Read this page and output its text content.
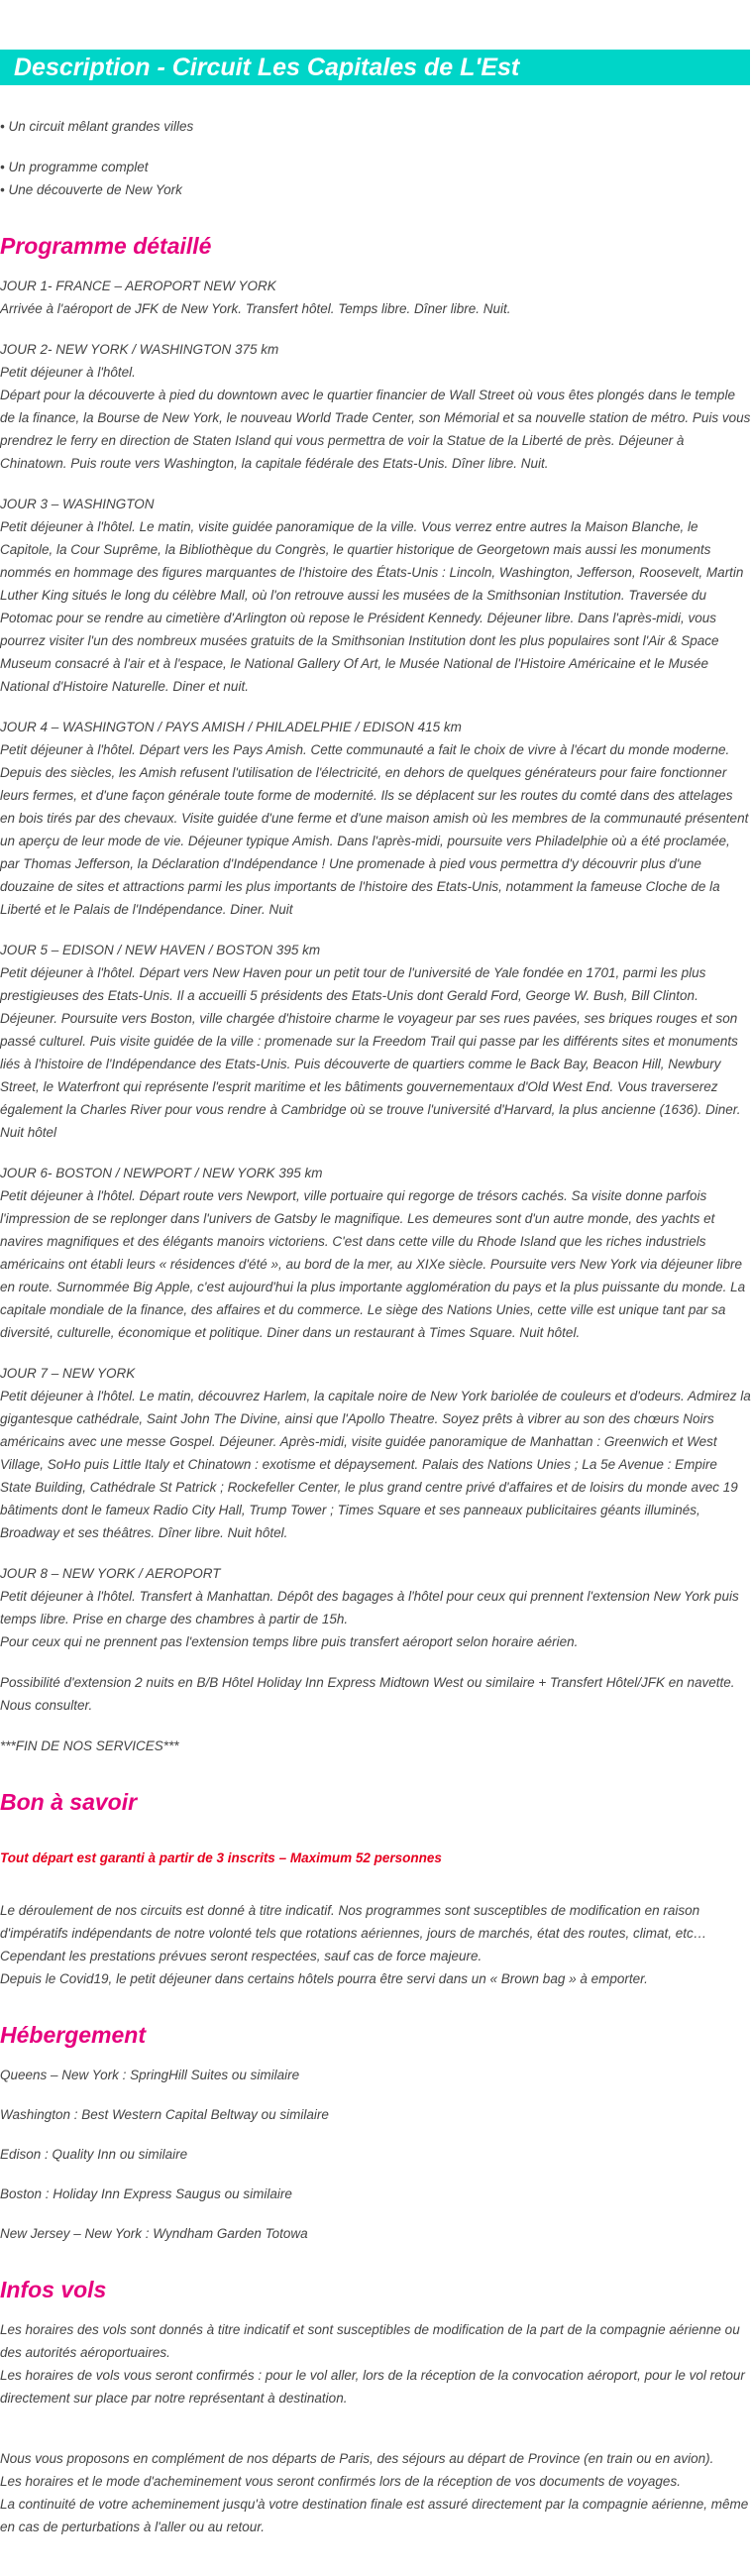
Description - Circuit Les Capitales de L'Est
• Un circuit mêlant grandes villes
• Un programme complet
• Une découverte de New York
Programme détaillé

JOUR 1- FRANCE – AEROPORT NEW YORK

Arrivée à l'aéroport de JFK de New York. Transfert hôtel. Temps libre. Dîner libre. Nuit.

JOUR 2- NEW YORK / WASHINGTON 375 km

Petit déjeuner à l'hôtel.

Départ pour la découverte à pied du downtown avec le quartier financier de Wall Street où vous êtes plongés dans le temple de la finance, la Bourse de New York, le nouveau World Trade Center, son Mémorial et sa nouvelle station de métro. Puis vous prendrez le ferry en direction de Staten Island qui vous permettra de voir la Statue de la Liberté de près. Déjeuner à Chinatown. Puis route vers Washington, la capitale fédérale des Etats-Unis. Dîner libre. Nuit.

JOUR 3 – WASHINGTON

Petit déjeuner à l'hôtel. Le matin, visite guidée panoramique de la ville. Vous verrez entre autres la Maison Blanche, le Capitole, la Cour Suprême, la Bibliothèque du Congrès, le quartier historique de Georgetown mais aussi les monuments nommés en hommage des figures marquantes de l'histoire des États-Unis : Lincoln, Washington, Jefferson, Roosevelt, Martin Luther King situés le long du célèbre Mall, où l'on retrouve aussi les musées de la Smithsonian Institution. Traversée du Potomac pour se rendre au cimetière d'Arlington où repose le Président Kennedy. Déjeuner libre. Dans l'après-midi, vous pourrez visiter l'un des nombreux musées gratuits de la Smithsonian Institution dont les plus populaires sont l'Air & Space Museum consacré à l'air et à l'espace, le National Gallery Of Art, le Musée National de l'Histoire Américaine et le Musée National d'Histoire Naturelle. Diner et nuit.

JOUR 4 – WASHINGTON / PAYS AMISH / PHILADELPHIE / EDISON 415 km

Petit déjeuner à l'hôtel. Départ vers les Pays Amish. Cette communauté a fait le choix de vivre à l'écart du monde moderne. Depuis des siècles, les Amish refusent l'utilisation de l'électricité, en dehors de quelques générateurs pour faire fonctionner leurs fermes, et d'une façon générale toute forme de modernité. Ils se déplacent sur les routes du comté dans des attelages en bois tirés par des chevaux. Visite guidée d'une ferme et d'une maison amish où les membres de la communauté présentent un aperçu de leur mode de vie. Déjeuner typique Amish. Dans l'après-midi, poursuite vers Philadelphie où a été proclamée, par Thomas Jefferson, la Déclaration d'Indépendance ! Une promenade à pied vous permettra d'y découvrir plus d'une douzaine de sites et attractions parmi les plus importants de l'histoire des Etats-Unis, notamment la fameuse Cloche de la Liberté et le Palais de l'Indépendance. Diner. Nuit

JOUR 5 – EDISON / NEW HAVEN / BOSTON 395 km

Petit déjeuner à l'hôtel. Départ vers New Haven pour un petit tour de l'université de Yale fondée en 1701, parmi les plus prestigieuses des Etats-Unis. Il a accueilli 5 présidents des Etats-Unis dont Gerald Ford, George W. Bush, Bill Clinton. Déjeuner. Poursuite vers Boston, ville chargée d'histoire charme le voyageur par ses rues pavées, ses briques rouges et son passé culturel. Puis visite guidée de la ville : promenade sur la Freedom Trail qui passe par les différents sites et monuments liés à l'histoire de l'Indépendance des Etats-Unis. Puis découverte de quartiers comme le Back Bay, Beacon Hill, Newbury Street, le Waterfront qui représente l'esprit maritime et les bâtiments gouvernementaux d'Old West End. Vous traverserez également la Charles River pour vous rendre à Cambridge où se trouve l'université d'Harvard, la plus ancienne (1636). Diner. Nuit hôtel

JOUR 6- BOSTON / NEWPORT / NEW YORK 395 km

Petit déjeuner à l'hôtel. Départ route vers Newport, ville portuaire qui regorge de trésors cachés. Sa visite donne parfois l'impression de se replonger dans l'univers de Gatsby le magnifique. Les demeures sont d'un autre monde, des yachts et navires magnifiques et des élégants manoirs victoriens. C'est dans cette ville du Rhode Island que les riches industriels américains ont établi leurs « résidences d'été », au bord de la mer, au XIXe siècle. Poursuite vers New York via déjeuner libre en route. Surnommée Big Apple, c'est aujourd'hui la plus importante agglomération du pays et la plus puissante du monde. La capitale mondiale de la finance, des affaires et du commerce. Le siège des Nations Unies, cette ville est unique tant par sa diversité, culturelle, économique et politique. Diner dans un restaurant à Times Square. Nuit hôtel.

JOUR 7 – NEW YORK

Petit déjeuner à l'hôtel. Le matin, découvrez Harlem, la capitale noire de New York bariolée de couleurs et d'odeurs. Admirez la gigantesque cathédrale, Saint John The Divine, ainsi que l'Apollo Theatre. Soyez prêts à vibrer au son des chœurs Noirs américains avec une messe Gospel. Déjeuner. Après-midi, visite guidée panoramique de Manhattan : Greenwich et West Village, SoHo puis Little Italy et Chinatown : exotisme et dépaysement. Palais des Nations Unies ; La 5e Avenue : Empire State Building, Cathédrale St Patrick ; Rockefeller Center, le plus grand centre privé d'affaires et de loisirs du monde avec 19 bâtiments dont le fameux Radio City Hall, Trump Tower ; Times Square et ses panneaux publicitaires géants illuminés, Broadway et ses théâtres. Dîner libre. Nuit hôtel.

JOUR 8 – NEW YORK / AEROPORT

Petit déjeuner à l'hôtel. Transfert à Manhattan. Dépôt des bagages à l'hôtel pour ceux qui prennent l'extension New York puis temps libre. Prise en charge des chambres à partir de 15h.

Pour ceux qui ne prennent pas l'extension temps libre puis transfert aéroport selon horaire aérien.

Possibilité d'extension 2 nuits en B/B Hôtel Holiday Inn Express Midtown West ou similaire + Transfert Hôtel/JFK en navette. Nous consulter.

***FIN DE NOS SERVICES***

Bon à savoir

Tout départ est garanti à partir de 3 inscrits – Maximum 52 personnes

Le déroulement de nos circuits est donné à titre indicatif. Nos programmes sont susceptibles de modification en raison d'impératifs indépendants de notre volonté tels que rotations aériennes, jours de marchés, état des routes, climat, etc… Cependant les prestations prévues seront respectées, sauf cas de force majeure.

Depuis le Covid19, le petit déjeuner dans certains hôtels pourra être servi dans un « Brown bag » à emporter.

Hébergement

Queens – New York : SpringHill Suites ou similaire

Washington : Best Western Capital Beltway ou similaire

Edison : Quality Inn ou similaire

Boston : Holiday Inn Express Saugus ou similaire

New Jersey – New York : Wyndham Garden Totowa

Infos vols

Les horaires des vols sont donnés à titre indicatif et sont susceptibles de modification de la part de la compagnie aérienne ou des autorités aéroportuaires.

Les horaires de vols vous seront confirmés : pour le vol aller, lors de la réception de la convocation aéroport, pour le vol retour directement sur place par notre représentant à destination.

Nous vous proposons en complément de nos départs de Paris, des séjours au départ de Province (en train ou en avion).

Les horaires et le mode d'acheminement vous seront confirmés lors de la réception de vos documents de voyages.

La continuité de votre acheminement jusqu'à votre destination finale est assuré directement par la compagnie aérienne, même en cas de perturbations à l'aller ou au retour.
